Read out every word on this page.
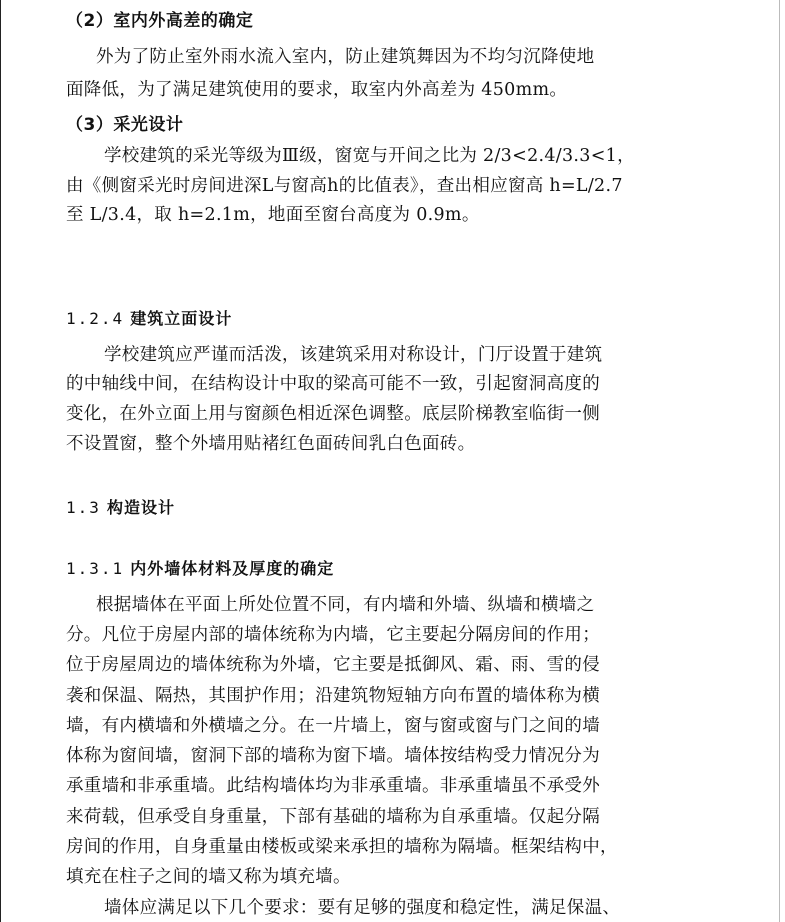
（2）室内外高差的确定
外为了防止室外雨水流入室内，防止建筑舞因为不均匀沉降使地
面降低，为了满足建筑使用的要求，取室内外高差为 450mm。
（3）采光设计
学校建筑的采光等级为Ⅲ级，窗宽与开间之比为 2/3<2.4/3.3<1，
由《侧窗采光时房间进深L与窗高h的比值表》，查出相应窗高 h=L/2.7
至 L/3.4，取 h=2.1m，地面至窗台高度为 0.9m。
1.2.4 建筑立面设计
学校建筑应严谨而活泼，该建筑采用对称设计，门厅设置于建筑
的中轴线中间，在结构设计中取的梁高可能不一致，引起窗洞高度的
变化，在外立面上用与窗颜色相近深色调整。底层阶梯教室临街一侧
不设置窗，整个外墙用贴褚红色面砖间乳白色面砖。
1.3 构造设计
1.3.1 内外墙体材料及厚度的确定
根据墙体在平面上所处位置不同，有内墙和外墙、纵墙和横墙之
分。凡位于房屋内部的墙体统称为内墙，它主要起分隔房间的作用；
位于房屋周边的墙体统称为外墙，它主要是抵御风、霜、雨、雪的侵
袭和保温、隔热，其围护作用；沿建筑物短轴方向布置的墙体称为横
墙，有内横墙和外横墙之分。在一片墙上，窗与窗或窗与门之间的墙
体称为窗间墙，窗洞下部的墙称为窗下墙。墙体按结构受力情况分为
承重墙和非承重墙。此结构墙体均为非承重墙。非承重墙虽不承受外
来荷载，但承受自身重量，下部有基础的墙称为自承重墙。仅起分隔
房间的作用，自身重量由楼板或梁来承担的墙称为隔墙。框架结构中，
填充在柱子之间的墙又称为填充墙。
墙体应满足以下几个要求：要有足够的强度和稳定性，满足保温、
